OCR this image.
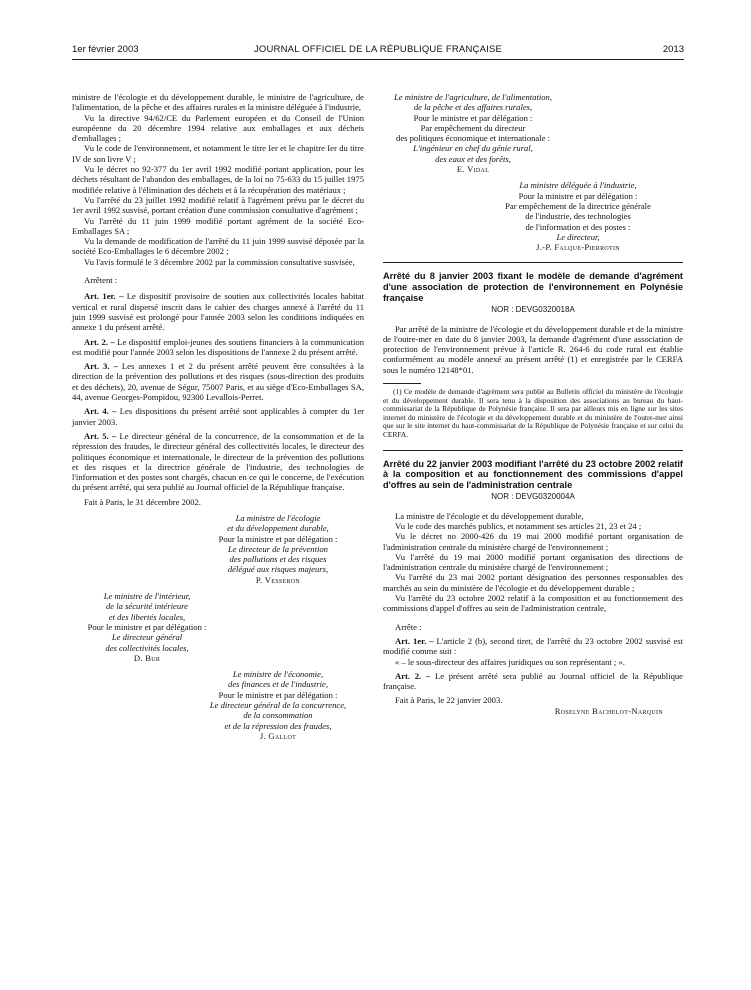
1er février 2003	JOURNAL OFFICIEL DE LA RÉPUBLIQUE FRANÇAISE	2013

ministre de l'écologie et du développement durable, le ministre de l'agriculture, de l'alimentation, de la pêche et des affaires rurales et la ministre déléguée à l'industrie,

Vu la directive 94/62/CE du Parlement européen et du Conseil de l'Union européenne du 20 décembre 1994 relative aux emballages et aux déchets d'emballages ;

Vu le code de l'environnement, et notamment le titre Ier et le chapitre Ier du titre IV de son livre V ;

Vu le décret no 92-377 du 1er avril 1992 modifié portant application, pour les déchets résultant de l'abandon des emballages, de la loi no 75-633 du 15 juillet 1975 modifiée relative à l'élimination des déchets et à la récupération des matériaux ;

Vu l'arrêté du 23 juillet 1992 modifié relatif à l'agrément prévu par le décret du 1er avril 1992 susvisé, portant création d'une commission consultative d'agrément ;

Vu l'arrêté du 11 juin 1999 modifié portant agrément de la société Eco-Emballages SA ;

Vu la demande de modification de l'arrêté du 11 juin 1999 susvisé déposée par la société Eco-Emballages le 6 décembre 2002 ;

Vu l'avis formulé le 3 décembre 2002 par la commission consultative susvisée,

Arrêtent :

Art. 1er. – Le dispositif provisoire de soutien aux collectivités locales habitat vertical et rural dispersé inscrit dans le cahier des charges annexé à l'arrêté du 11 juin 1999 susvisé est prolongé pour l'année 2003 selon les conditions indiquées en annexe 1 du présent arrêté.

Art. 2. – Le dispositif emploi-jeunes des soutiens financiers à la communication est modifié pour l'année 2003 selon les dispositions de l'annexe 2 du présent arrêté.

Art. 3. – Les annexes 1 et 2 du présent arrêté peuvent être consultées à la direction de la prévention des pollutions et des risques (sous-direction des produits et des déchets), 20, avenue de Ségur, 75007 Paris, et au siège d'Eco-Emballages SA, 44, avenue Georges-Pompidou, 92300 Levallois-Perret.

Art. 4. – Les dispositions du présent arrêté sont applicables à compter du 1er janvier 2003.

Art. 5. – Le directeur général de la concurrence, de la consommation et de la répression des fraudes, le directeur général des collectivités locales, le directeur des politiques économique et internationale, le directeur de la prévention des pollutions et des risques et la directrice générale de l'industrie, des technologies de l'information et des postes sont chargés, chacun en ce qui le concerne, de l'exécution du présent arrêté, qui sera publié au Journal officiel de la République française.

Fait à Paris, le 31 décembre 2002.

La ministre de l'écologie
et du développement durable,
Pour la ministre et par délégation :
Le directeur de la prévention
des pollutions et des risques
délégué aux risques majeurs,
P. Vesseron
Le ministre de l'intérieur,
de la sécurité intérieure
et des libertés locales,
Pour le ministre et par délégation :
Le directeur général
des collectivités locales,
D. Bur
Le ministre de l'économie,
des finances et de l'industrie,
Pour le ministre et par délégation :
Le directeur général de la concurrence,
de la consommation
et de la répression des fraudes,
J. Gallot
Le ministre de l'agriculture, de l'alimentation,
de la pêche et des affaires rurales,
Pour le ministre et par délégation :
Par empêchement du directeur
des politiques économique et internationale :
L'ingénieur en chef du génie rural,
des eaux et des forêts,
E. Vidal
La ministre déléguée à l'industrie,
Pour la ministre et par délégation :
Par empêchement de la directrice générale
de l'industrie, des technologies
de l'information et des postes :
Le directeur,
J.-P. Falque-Pierrotin
Arrêté du 8 janvier 2003 fixant le modèle de demande d'agrément d'une association de protection de l'environnement en Polynésie française
NOR : DEVG0320018A

Par arrêté de la ministre de l'écologie et du développement durable et de la ministre de l'outre-mer en date du 8 janvier 2003, la demande d'agrément d'une association de protection de l'environnement prévue à l'article R. 264-6 du code rural est établie conformément au modèle annexé au présent arrêté (1) et enregistrée par le CERFA sous le numéro 12148*01.

(1) Ce modèle de demande d'agrément sera publié au Bulletin officiel du ministère de l'écologie et du développement durable. Il sera tenu à la disposition des associations au bureau du haut-commissariat de la République de Polynésie française. Il sera par ailleurs mis en ligne sur les sites internet du ministère de l'écologie et du développement durable et du ministère de l'outre-mer ainsi que sur le site internet du haut-commissariat de la République de Polynésie française et sur celui du CERFA.

Arrêté du 22 janvier 2003 modifiant l'arrêté du 23 octobre 2002 relatif à la composition et au fonctionnement des commissions d'appel d'offres au sein de l'administration centrale
NOR : DEVG0320004A

La ministre de l'écologie et du développement durable,

Vu le code des marchés publics, et notamment ses articles 21, 23 et 24 ;

Vu le décret no 2000-426 du 19 mai 2000 modifié portant organisation de l'administration centrale du ministère chargé de l'environnement ;

Vu l'arrêté du 19 mai 2000 modifié portant organisation des directions de l'administration centrale du ministère chargé de l'environnement ;

Vu l'arrêté du 23 mai 2002 portant désignation des personnes responsables des marchés au sein du ministère de l'écologie et du développement durable ;

Vu l'arrêté du 23 octobre 2002 relatif à la composition et au fonctionnement des commissions d'appel d'offres au sein de l'administration centrale,

Arrête :

Art. 1er. – L'article 2 (b), second tiret, de l'arrêté du 23 octobre 2002 susvisé est modifié comme suit :

« – le sous-directeur des affaires juridiques ou son représentant ; ».

Art. 2. – Le présent arrêté sera publié au Journal officiel de la République française.

Fait à Paris, le 22 janvier 2003.

Roselyne Bachelot-Narquin
